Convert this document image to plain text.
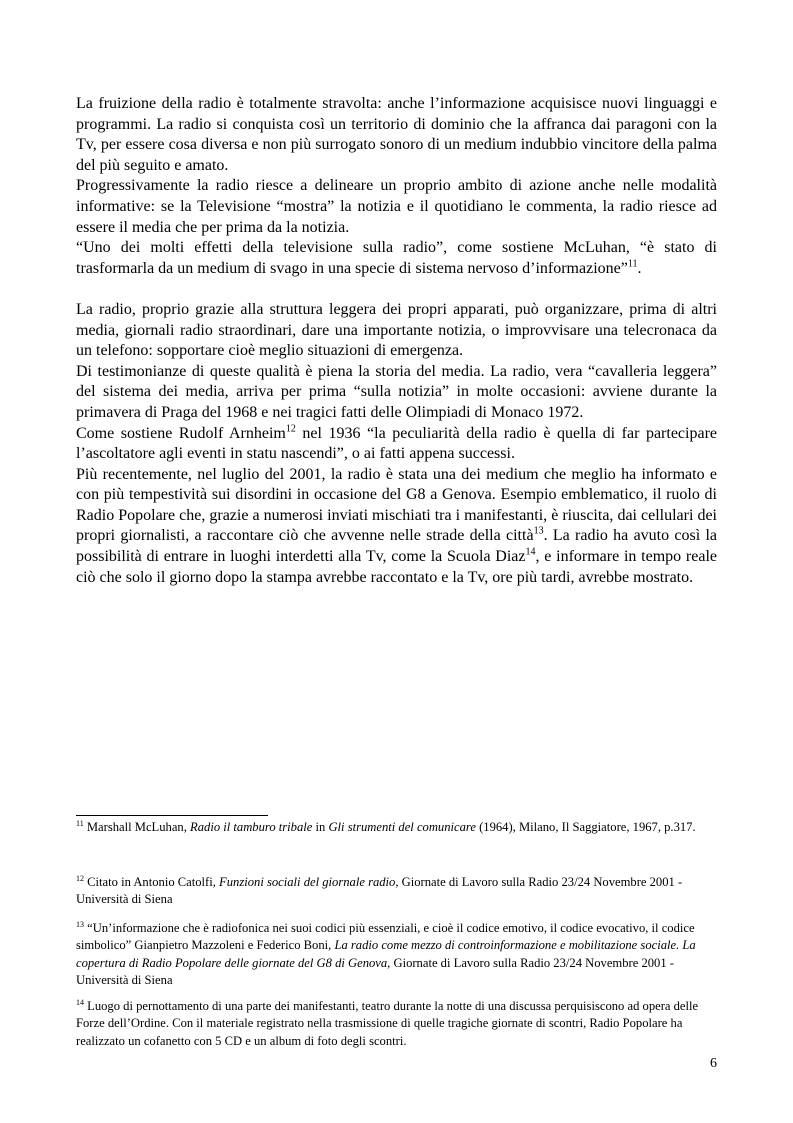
La fruizione della radio è totalmente stravolta: anche l’informazione acquisisce nuovi linguaggi e programmi. La radio si conquista così un territorio di dominio che la affranca dai paragoni con la Tv, per essere cosa diversa e non più surrogato sonoro di un medium indubbio vincitore della palma del più seguito e amato.

Progressivamente la radio riesce a delineare un proprio ambito di azione anche nelle modalità informative: se la Televisione “mostra” la notizia e il quotidiano le commenta, la radio riesce ad essere il media che per prima da la notizia.

“Uno dei molti effetti della televisione sulla radio”, come sostiene McLuhan, “è stato di trasformarla da un medium di svago in una specie di sistema nervoso d’informazione”$^{11}$.

La radio, proprio grazie alla struttura leggera dei propri apparati, può organizzare, prima di altri media, giornali radio straordinari, dare una importante notizia, o improvvisare una telecronaca da un telefono: sopportare cioè meglio situazioni di emergenza.

Di testimonianze di queste qualità è piena la storia del media. La radio, vera “cavalleria leggera” del sistema dei media, arriva per prima “sulla notizia” in molte occasioni: avviene durante la primavera di Praga del 1968 e nei tragici fatti delle Olimpiadi di Monaco 1972.

Come sostiene Rudolf Arnheim$^{12}$ nel 1936 “la peculiarità della radio è quella di far partecipare l’ascoltatore agli eventi in statu nascendi”, o ai fatti appena successi.

Più recentemente, nel luglio del 2001, la radio è stata una dei medium che meglio ha informato e con più tempestività sui disordini in occasione del G8 a Genova. Esempio emblematico, il ruolo di Radio Popolare che, grazie a numerosi inviati mischiati tra i manifestanti, è riuscita, dai cellulari dei propri giornalisti, a raccontare ciò che avvenne nelle strade della città$^{13}$. La radio ha avuto così la possibilità di entrare in luoghi interdetti alla Tv, come la Scuola Diaz$^{14}$, e informare in tempo reale ciò che solo il giorno dopo la stampa avrebbe raccontato e la Tv, ore più tardi, avrebbe mostrato.

6

$^{11}$ Marshall McLuhan, Radio il tamburo tribale in Gli strumenti del comunicare (1964), Milano, Il Saggiatore, 1967, p.317.

$^{12}$ Citato in Antonio Catolfi, Funzioni sociali del giornale radio, Giornate di Lavoro sulla Radio 23/24 Novembre 2001 - Università di Siena

$^{13}$ “Un’informazione che è radiofonica nei suoi codici più essenziali, e cioè il codice emotivo, il codice evocativo, il codice simbolico” Gianpietro Mazzoleni e Federico Boni, La radio come mezzo di controinformazione e mobilitazione sociale. La copertura di Radio Popolare delle giornate del G8 di Genova, Giornate di Lavoro sulla Radio 23/24 Novembre 2001 - Università di Siena

$^{14}$ Luogo di pernottamento di una parte dei manifestanti, teatro durante la notte di una discussa perquisiscono ad opera delle Forze dell’Ordine. Con il materiale registrato nella trasmissione di quelle tragiche giornate di scontri, Radio Popolare ha realizzato un cofanetto con 5 CD e un album di foto degli scontri.
